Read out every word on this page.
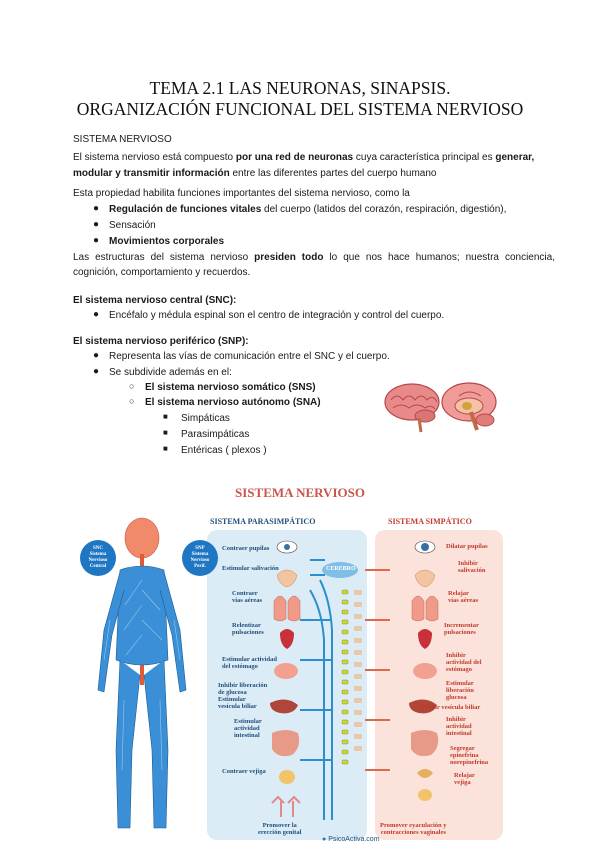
TEMA 2.1 LAS NEURONAS, SINAPSIS.
ORGANIZACIÓN FUNCIONAL DEL SISTEMA NERVIOSO
SISTEMA NERVIOSO
El sistema nervioso está compuesto por una red de neuronas cuya característica principal es generar,
modular y transmitir información entre las diferentes partes del cuerpo humano
Esta propiedad habilita funciones importantes del sistema nervioso, como la
● Regulación de funciones vitales del cuerpo (latidos del corazón, respiración, digestión),
● Sensación
● Movimientos corporales
Las estructuras del sistema nervioso presiden todo lo que nos hace humanos; nuestra conciencia,
cognición, comportamiento y recuerdos.
El sistema nervioso central (SNC):
● Encéfalo y médula espinal son el centro de integración y control del cuerpo.
El sistema nervioso periférico (SNP):
● Representa las vías de comunicación entre el SNC y el cuerpo.
● Se subdivide además en el:
○ El sistema nervioso somático (SNS)
○ El sistema nervioso autónomo (SNA)
■ Simpáticas
■ Parasimpáticas
■ Entéricas ( plexos )
SISTEMA NERVIOSO
SISTEMA PARASIMPÁTICO	SISTEMA SIMPÁTICO
SNC
Sistema
Nervioso
Central
SNP
Sistema
Nervioso
Perif.	CEREBRO
Contraer pupilas
Estimular salivación
Contraer
vías aéreas
Relentizar
pulsaciones
Estimular actividad
del estómago
Inhibir liberación
de glucosa
Estimular
vesícula biliar
Estimular
actividad
intestinal
Contraer vejiga
Promover la
erección genital
Dilatar pupilas
Inhibir
salivación
Relajar
vías aéreas
Incrementar
pulsaciones
Inhibir
actividad del
estómago
Estimular
liberación
glucosa
Inhibir vesícula biliar
Inhibir
actividad
intestinal
Segregar
epinefrina
norepinefrina
Relajar
vejiga
Promover eyaculación y
contracciones vaginales
● PsicoActiva.com
